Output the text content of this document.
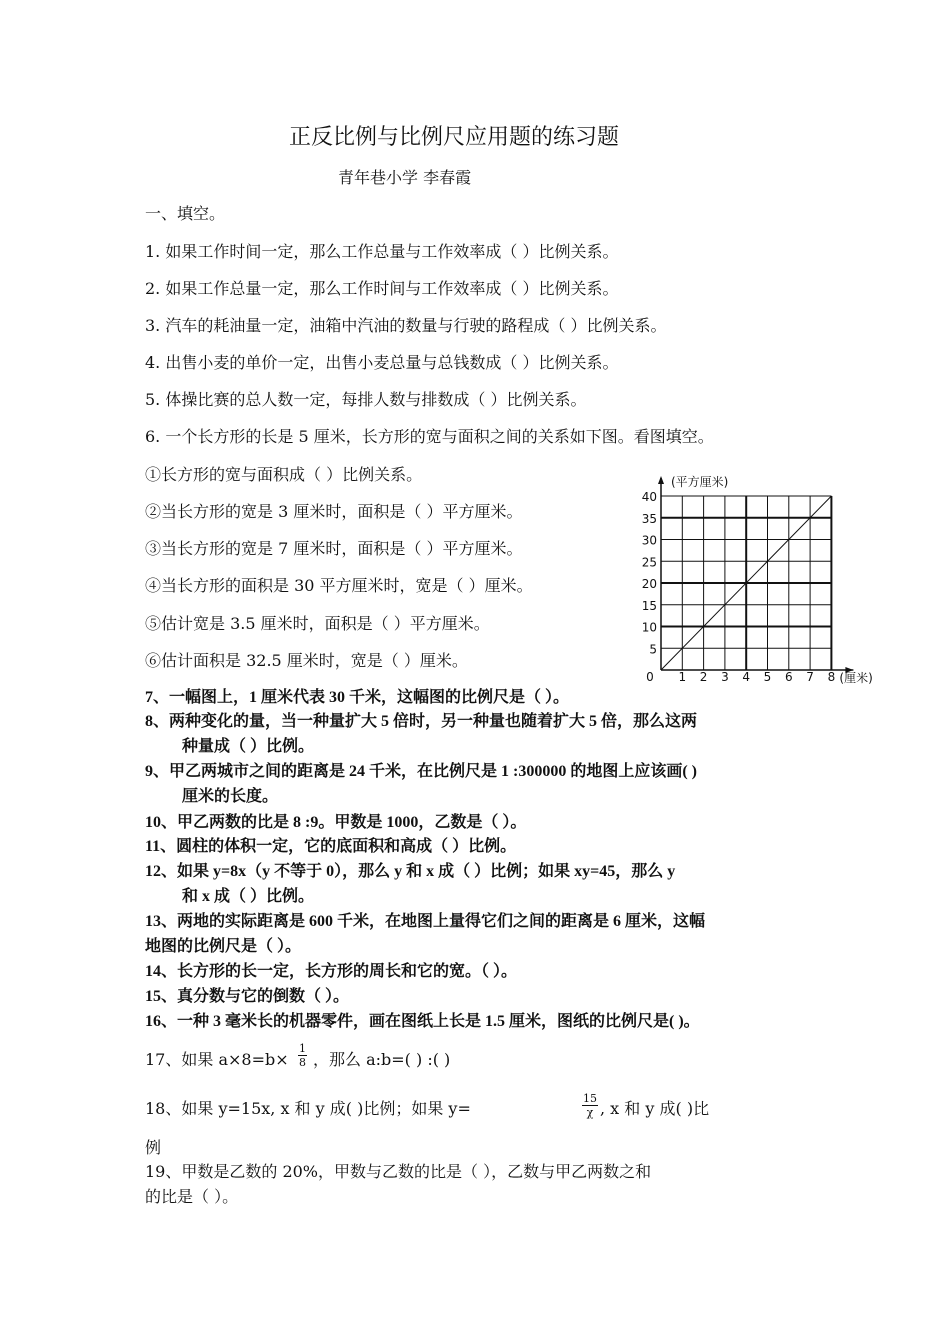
正反比例与比例尺应用题的练习题
青年巷小学 李春霞
一、填空。
1. 如果工作时间一定，那么工作总量与工作效率成（ ）比例关系。
2. 如果工作总量一定，那么工作时间与工作效率成（ ）比例关系。
3. 汽车的耗油量一定，油箱中汽油的数量与行驶的路程成（ ）比例关系。
4. 出售小麦的单价一定，出售小麦总量与总钱数成（ ）比例关系。
5. 体操比赛的总人数一定，每排人数与排数成（ ）比例关系。
6. 一个长方形的长是 5 厘米，长方形的宽与面积之间的关系如下图。看图填空。
①长方形的宽与面积成（ ）比例关系。
②当长方形的宽是 3 厘米时，面积是（ ）平方厘米。
③当长方形的宽是 7 厘米时，面积是（ ）平方厘米。
④当长方形的面积是 30 平方厘米时，宽是（ ）厘米。
⑤估计宽是 3.5 厘米时，面积是（ ）平方厘米。
⑥估计面积是 32.5 厘米时，宽是（ ）厘米。
0 1 2 3 4 5 6 7 8
5
10
15
20
25
30
35
40
(平方厘米)
(厘米)
7、一幅图上，1 厘米代表 30 千米，这幅图的比例尺是（ ）。
8、两种变化的量，当一种量扩大 5 倍时，另一种量也随着扩大 5 倍，那么这两
种量成（ ）比例。
9、甲乙两城市之间的距离是 24 千米，在比例尺是 1 :300000 的地图上应该画( )
厘米的长度。
10、甲乙两数的比是 8 :9。甲数是 1000，乙数是（ ）。
11、圆柱的体积一定，它的底面积和高成（ ）比例。
12、如果 y=8x（y 不等于 0），那么 y 和 x 成（ ）比例；如果 xy=45，那么 y
和 x 成（ ）比例。
13、两地的实际距离是 600 千米，在地图上量得它们之间的距离是 6 厘米，这幅
地图的比例尺是（ ）。
14、长方形的长一定，长方形的周长和它的宽。（ ）。
15、真分数与它的倒数（ ）。
16、一种 3 毫米长的机器零件，画在图纸上长是 1.5 厘米，图纸的比例尺是( )。
17、如果 $a\times 8=b\times \frac{1}{8}$ ，那么 a:b=( ) :( )
18、如果 y=15x, x 和 y 成( )比例；如果 y=	$\frac{15}{\chi}$ , x 和 y 成( )比
例
19、甲数是乙数的 20%，甲数与乙数的比是（ ），乙数与甲乙两数之和
的比是（ ）。
